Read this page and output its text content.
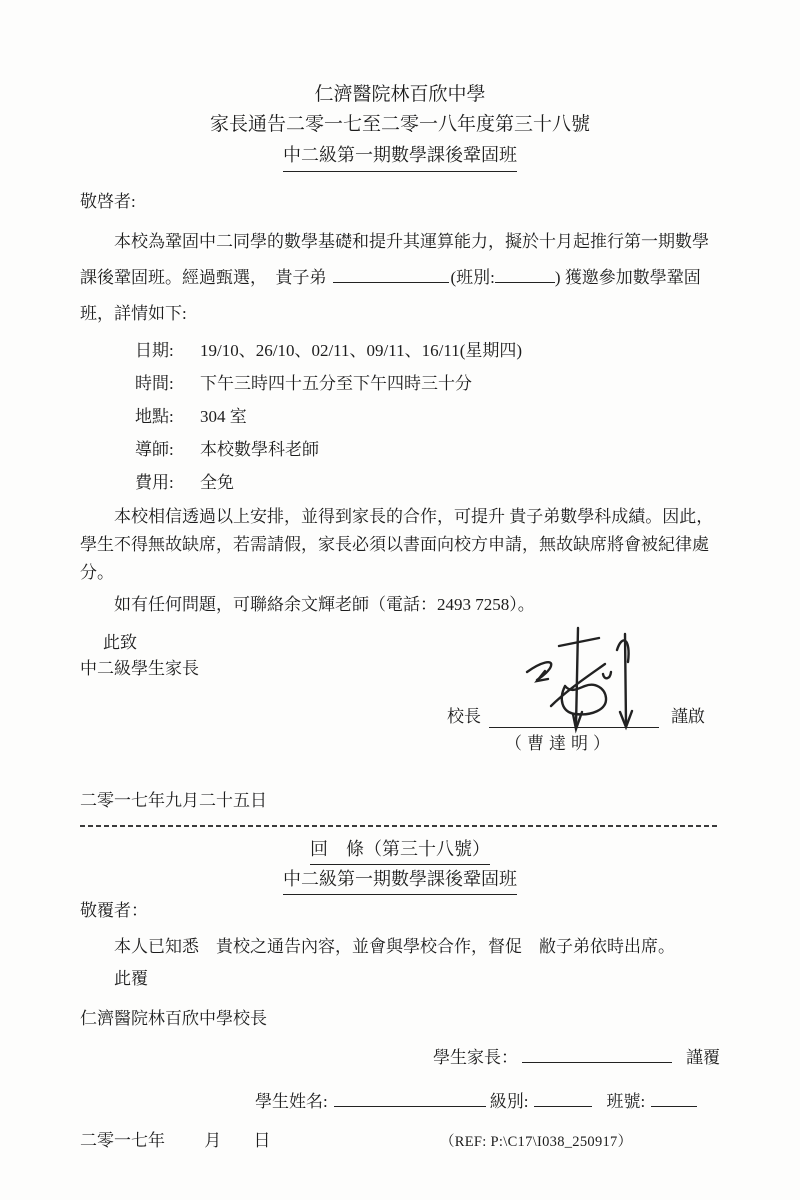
仁濟醫院林百欣中學
家長通告二零一七至二零一八年度第三十八號
中二級第一期數學課後鞏固班

敬啓者:

本校為鞏固中二同學的數學基礎和提升其運算能力，擬於十月起推行第一期數學課後鞏固班。經過甄選，　貴子弟	(班別:	) 獲邀參加數學鞏固班，詳情如下:

日期:	19/10、26/10、02/11、09/11、16/11(星期四)
時間:	下午三時四十五分至下午四時三十分
地點:	304 室
導師:	本校數學科老師
費用:	全免

本校相信透過以上安排，並得到家長的合作，可提升 貴子弟數學科成績。因此，學生不得無故缺席，若需請假，家長必須以書面向校方申請，無故缺席將會被紀律處分。

如有任何問題，可聯絡余文輝老師（電話：2493 7258）。

此致

中二級學生家長

校長	謹啟
（曹達明）

二零一七年九月二十五日

回　條（第三十八號）
中二級第一期數學課後鞏固班

敬覆者：

本人已知悉　貴校之通告內容，並會與學校合作，督促　敝子弟依時出席。

此覆

仁濟醫院林百欣中學校長

學生家長：	謹覆
學生姓名:	級別:	班號:
二零一七年 月 日	（REF: P:\C17\I038_250917）
